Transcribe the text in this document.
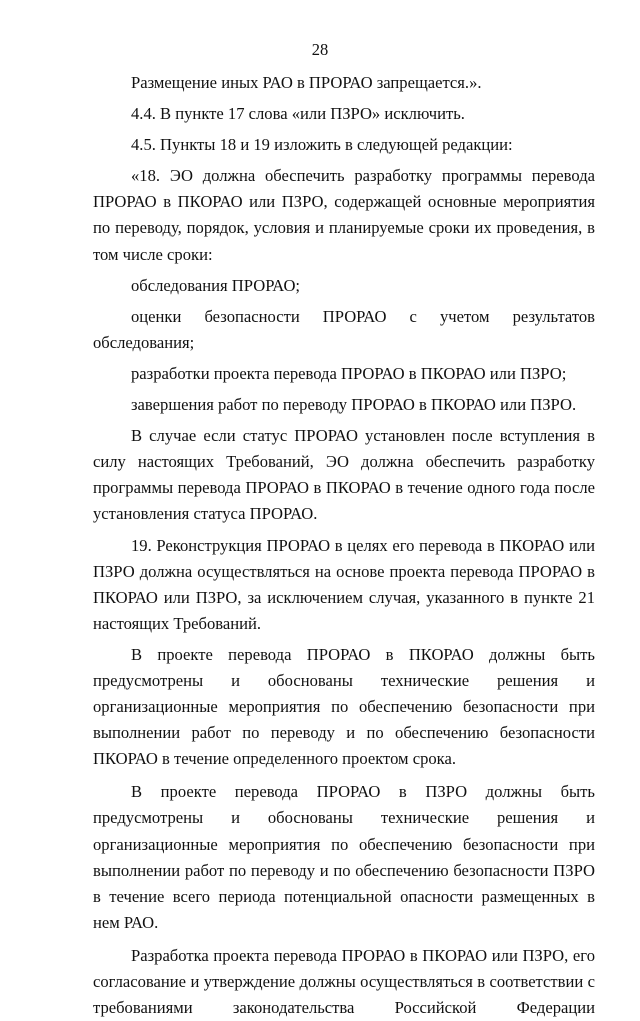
28

Размещение иных РАО в ПРОРАО запрещается.».

4.4. В пункте 17 слова «или ПЗРО» исключить.

4.5. Пункты 18 и 19 изложить в следующей редакции:

«18. ЭО должна обеспечить разработку программы перевода ПРОРАО в ПКОРАО или ПЗРО, содержащей основные мероприятия по переводу, порядок, условия и планируемые сроки их проведения, в том числе сроки:

обследования ПРОРАО;

оценки безопасности ПРОРАО с учетом результатов обследования;

разработки проекта перевода ПРОРАО в ПКОРАО или ПЗРО;

завершения работ по переводу ПРОРАО в ПКОРАО или ПЗРО.

В случае если статус ПРОРАО установлен после вступления в силу настоящих Требований, ЭО должна обеспечить разработку программы перевода ПРОРАО в ПКОРАО в течение одного года после установления статуса ПРОРАО.

19. Реконструкция ПРОРАО в целях его перевода в ПКОРАО или ПЗРО должна осуществляться на основе проекта перевода ПРОРАО в ПКОРАО или ПЗРО, за исключением случая, указанного в пункте 21 настоящих Требований.

В проекте перевода ПРОРАО в ПКОРАО должны быть предусмотрены и обоснованы технические решения и организационные мероприятия по обеспечению безопасности при выполнении работ по переводу и по обеспечению безопасности ПКОРАО в течение определенного проектом срока.

В проекте перевода ПРОРАО в ПЗРО должны быть предусмотрены и обоснованы технические решения и организационные мероприятия по обеспечению безопасности при выполнении работ по переводу и по обеспечению безопасности ПЗРО в течение всего периода потенциальной опасности размещенных в нем РАО.

Разработка проекта перевода ПРОРАО в ПКОРАО или ПЗРО, его согласование и утверждение должны осуществляться в соответствии с требованиями законодательства Российской Федерации
